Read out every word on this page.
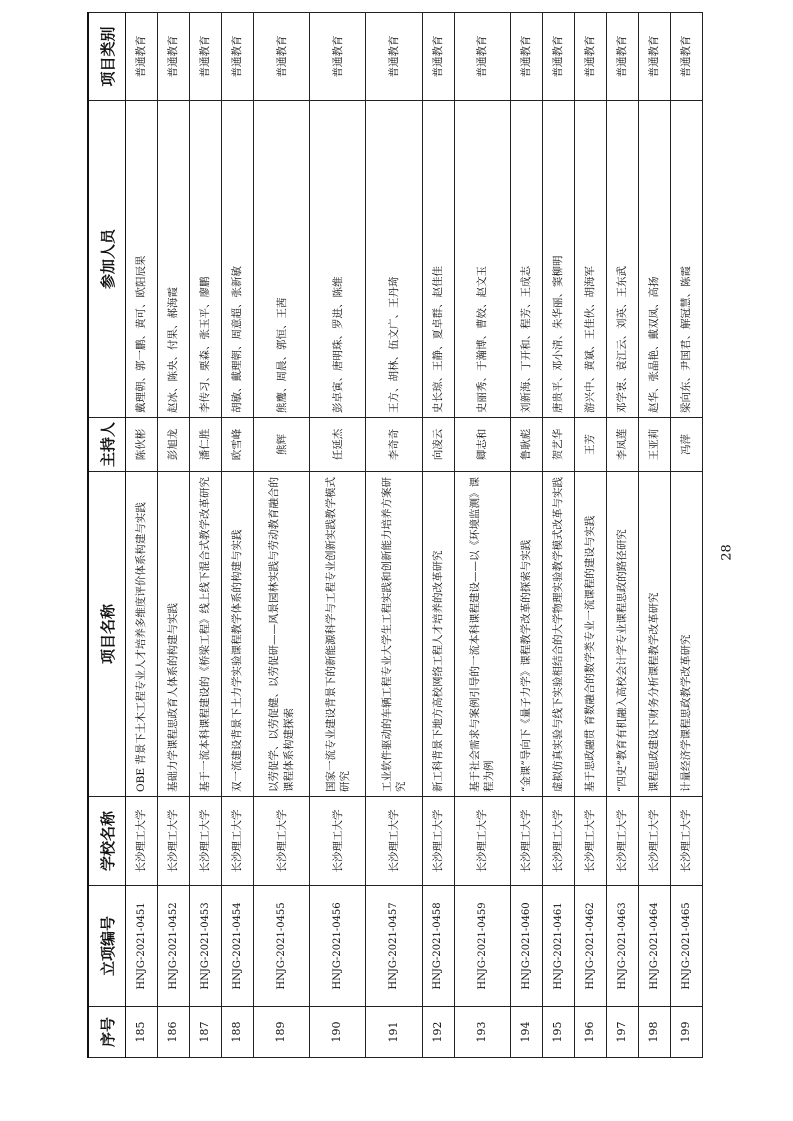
序号	立项编号	学校名称	项目名称	主持人	参加人员	项目类别
185	HNJG-2021-0451	长沙理工大学	OBE 背景下土木工程专业人才培养多维度评价体系构建与实践	陈伙彬	戴理朝、郭一鹏、黄可、欧阳辰果	普通教育
186	HNJG-2021-0452	长沙理工大学	基础力学课程思政育人体系的构建与实践	彭旭龙	赵冰、陈央、付果、郝海霞	普通教育
187	HNJG-2021-0453	长沙理工大学	基于一流本科课程建设的《桥梁工程》线上线下混合式教学改革研究	潘仁胜	李传习、栗森、张玉平、廖鹏	普通教育
188	HNJG-2021-0454	长沙理工大学	双一流建设背景下土力学实验课程教学体系的构建与实践	欧雪峰	胡敏、戴理朝、周意超、张新敏	普通教育
189	HNJG-2021-0455	长沙理工大学	以劳促学、以劳促健、以劳促研——风景园林实践与劳动教育融合的课程体系构建探索	熊辉	熊鹰、周晨、郭恒、王茜	普通教育
190	HNJG-2021-0456	长沙理工大学	国家一流专业建设背景下的新能源科学与工程专业创新实践教学模式研究	任延杰	彭卓寅、唐明珠、罗进、陈维	普通教育
191	HNJG-2021-0457	长沙理工大学	工业软件驱动的车辆工程专业大学生工程实践和创新能力培养方案研究	李奇奇	王方、胡林、伍文广、王丹琦	普通教育
192	HNJG-2021-0458	长沙理工大学	新工科背景下地方高校网络工程人才培养的改革研究	向凌云	史长琼、王静、夏卓群、赵佳佳	普通教育
193	HNJG-2021-0459	长沙理工大学	基于社会需求与案例引导的一流本科课程建设——以《环境监测》课程为例	卿志和	史丽秀、于瀚博、曹姣、赵文玉	普通教育
194	HNJG-2021-0460	长沙理工大学	“金课”导向下《量子力学》课程教学改革的探索与实践	鲁耿彪	刘新海、丁开和、程芳、王成志	普通教育
195	HNJG-2021-0461	长沙理工大学	虚拟仿真实验与线下实验相结合的大学物理实验教学模式改革与实践	贺艺华	唐贵平、邓小清、朱华丽、窦柳明	普通教育
196	HNJG-2021-0462	长沙理工大学	基于思政融贯 育数融合的数学类专业一流课程的建设与实践	王芳	游兴中、黄斌、王佳伙、胡海军	普通教育
197	HNJG-2021-0463	长沙理工大学	“四史”教育有机融入高校会计学专业课程思政的路径研究	李凤莲	邓学衷、袁江云、刘英、王东武	普通教育
198	HNJG-2021-0464	长沙理工大学	课程思政建设下财务分析课程教学改革研究	王亚莉	赵华、张晶艳、戴双凤、高扬	普通教育
199	HNJG-2021-0465	长沙理工大学	计量经济学课程思政教学改革研究	冯萍	梁向东、尹国君、解冠慧、陈霞	普通教育
28
